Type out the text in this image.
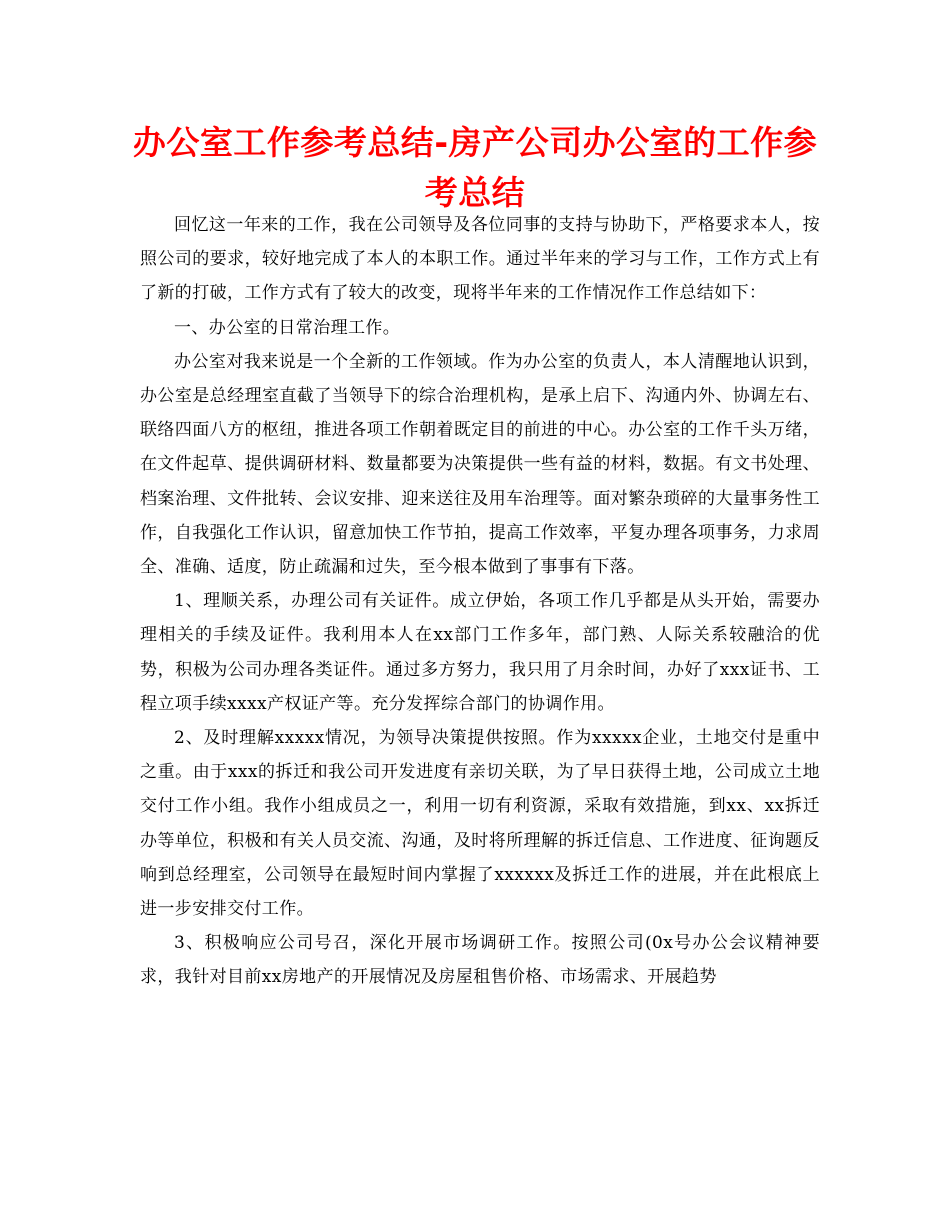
办公室工作参考总结-房产公司办公室的工作参考总结

回忆这一年来的工作，我在公司领导及各位同事的支持与协助下，严格要求本人，按照公司的要求，较好地完成了本人的本职工作。通过半年来的学习与工作，工作方式上有了新的打破，工作方式有了较大的改变，现将半年来的工作情况作工作总结如下：

一、办公室的日常治理工作。

办公室对我来说是一个全新的工作领域。作为办公室的负责人，本人清醒地认识到，办公室是总经理室直截了当领导下的综合治理机构，是承上启下、沟通内外、协调左右、联络四面八方的枢纽，推进各项工作朝着既定目的前进的中心。办公室的工作千头万绪，在文件起草、提供调研材料、数量都要为决策提供一些有益的材料，数据。有文书处理、档案治理、文件批转、会议安排、迎来送往及用车治理等。面对繁杂琐碎的大量事务性工作，自我强化工作认识，留意加快工作节拍，提高工作效率，平复办理各项事务，力求周全、准确、适度，防止疏漏和过失，至今根本做到了事事有下落。

1、理顺关系，办理公司有关证件。成立伊始，各项工作几乎都是从头开始，需要办理相关的手续及证件。我利用本人在xx部门工作多年，部门熟、人际关系较融洽的优势，积极为公司办理各类证件。通过多方努力，我只用了月余时间，办好了xxx证书、工程立项手续xxxx产权证产等。充分发挥综合部门的协调作用。

2、及时理解xxxxx情况，为领导决策提供按照。作为xxxxx企业，土地交付是重中之重。由于xxx的拆迁和我公司开发进度有亲切关联，为了早日获得土地，公司成立土地交付工作小组。我作小组成员之一，利用一切有利资源，采取有效措施，到xx、xx拆迁办等单位，积极和有关人员交流、沟通，及时将所理解的拆迁信息、工作进度、征询题反响到总经理室，公司领导在最短时间内掌握了xxxxxx及拆迁工作的进展，并在此根底上进一步安排交付工作。

3、积极响应公司号召，深化开展市场调研工作。按照公司(0x号办公会议精神要求，我针对目前xx房地产的开展情况及房屋租售价格、市场需求、开展趋势
